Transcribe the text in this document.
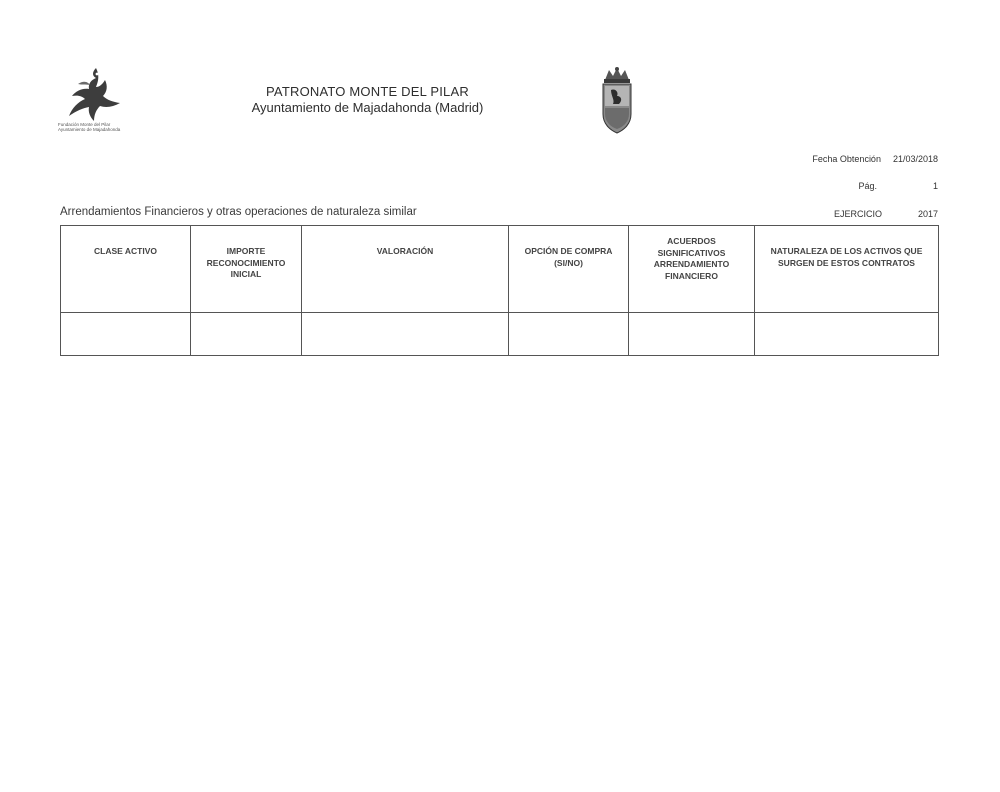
Fundación Monte del Pilar
Ayuntamiento de Majadahonda
PATRONATO MONTE DEL PILAR
Ayuntamiento de Majadahonda (Madrid)
Fecha Obtención 21/03/2018
Pág.	1
EJERCICIO	2017
Arrendamientos Financieros y otras operaciones de naturaleza similar
CLASE ACTIVO	IMPORTE RECONOCIMIENTO INICIAL	VALORACIÓN	OPCIÓN DE COMPRA (SI/NO)	ACUERDOS SIGNIFICATIVOS ARRENDAMIENTO FINANCIERO	NATURALEZA DE LOS ACTIVOS QUE SURGEN DE ESTOS CONTRATOS
